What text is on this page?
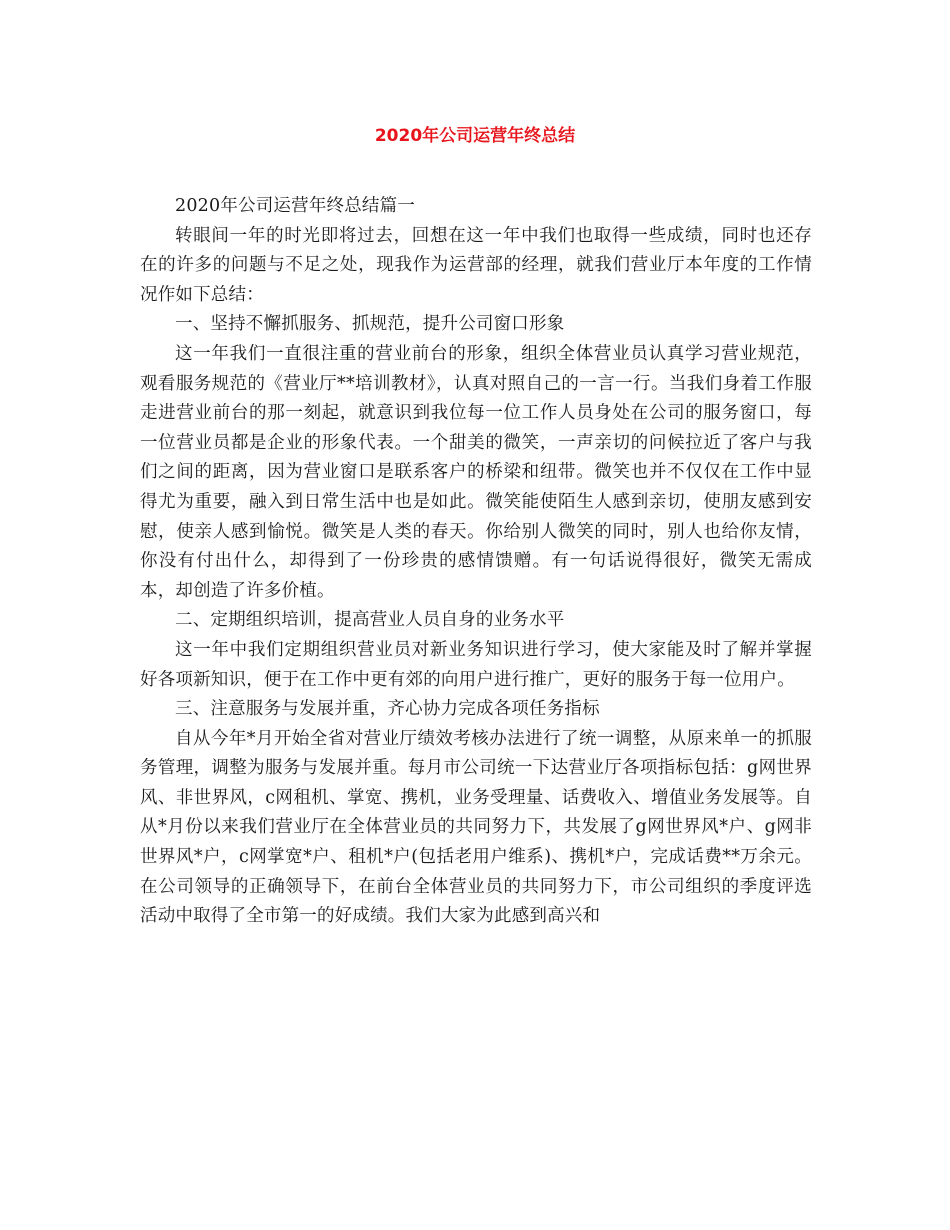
2020年公司运营年终总结

2020年公司运营年终总结篇一

转眼间一年的时光即将过去，回想在这一年中我们也取得一些成绩，同时也还存在的许多的问题与不足之处，现我作为运营部的经理，就我们营业厅本年度的工作情况作如下总结：

一、坚持不懈抓服务、抓规范，提升公司窗口形象

这一年我们一直很注重的营业前台的形象，组织全体营业员认真学习营业规范，观看服务规范的《营业厅**培训教材》，认真对照自己的一言一行。当我们身着工作服走进营业前台的那一刻起，就意识到我位每一位工作人员身处在公司的服务窗口，每一位营业员都是企业的形象代表。一个甜美的微笑，一声亲切的问候拉近了客户与我们之间的距离，因为营业窗口是联系客户的桥梁和纽带。微笑也并不仅仅在工作中显得尤为重要，融入到日常生活中也是如此。微笑能使陌生人感到亲切，使朋友感到安慰，使亲人感到愉悦。微笑是人类的春天。你给别人微笑的同时，别人也给你友情，你没有付出什么，却得到了一份珍贵的感情馈赠。有一句话说得很好，微笑无需成本，却创造了许多价植。

二、定期组织培训，提高营业人员自身的业务水平

这一年中我们定期组织营业员对新业务知识进行学习，使大家能及时了解并掌握好各项新知识，便于在工作中更有郊的向用户进行推广，更好的服务于每一位用户。

三、注意服务与发展并重，齐心协力完成各项任务指标

自从今年*月开始全省对营业厅绩效考核办法进行了统一调整，从原来单一的抓服务管理，调整为服务与发展并重。每月市公司统一下达营业厅各项指标包括：g网世界风、非世界风，c网租机、掌宽、携机，业务受理量、话费收入、增值业务发展等。自从*月份以来我们营业厅在全体营业员的共同努力下，共发展了g网世界风*户、g网非世界风*户，c网掌宽*户、租机*户(包括老用户维系)、携机*户，完成话费**万余元。在公司领导的正确领导下，在前台全体营业员的共同努力下，市公司组织的季度评选活动中取得了全市第一的好成绩。我们大家为此感到高兴和
